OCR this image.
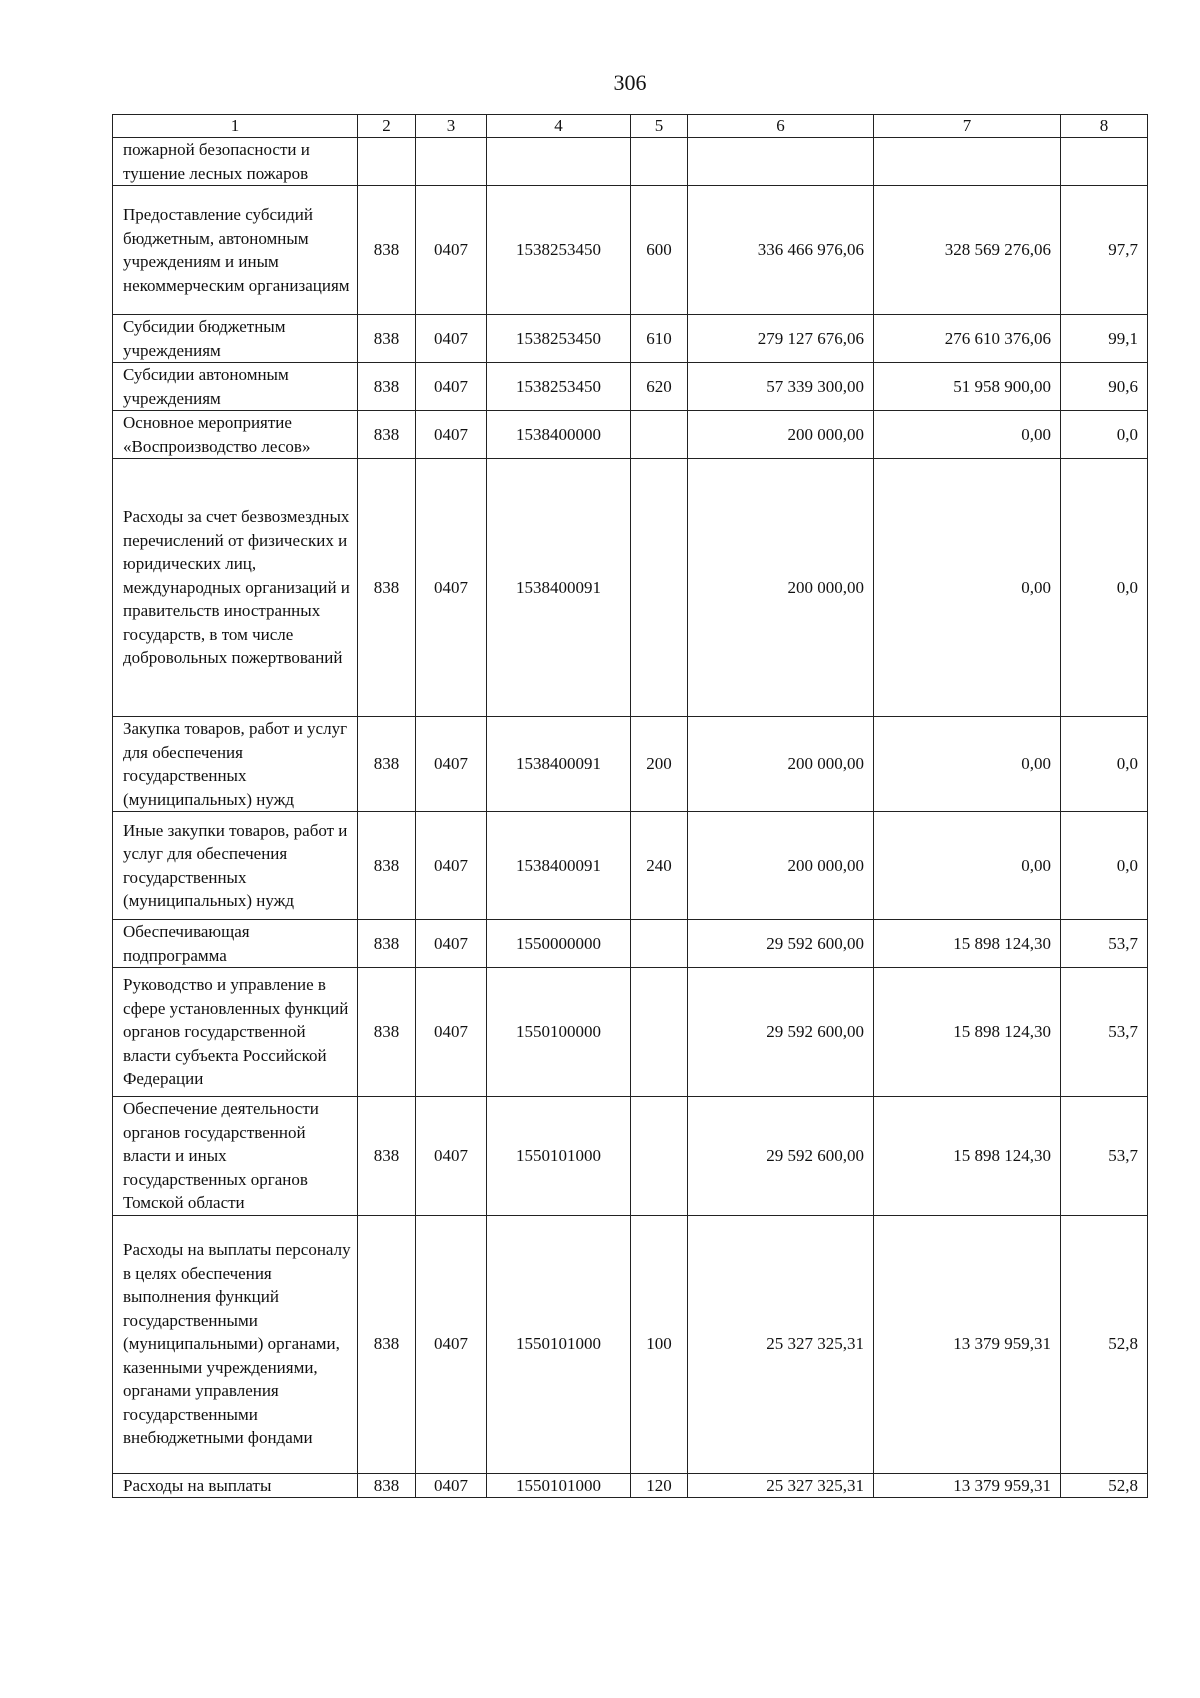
306
1	2	3	4	5	6	7	8
пожарной безопасности и тушение лесных пожаров							
Предоставление субсидий бюджетным, автономным учреждениям и иным некоммерческим организациям	838	0407	1538253450	600	336 466 976,06	328 569 276,06	97,7
Субсидии бюджетным учреждениям	838	0407	1538253450	610	279 127 676,06	276 610 376,06	99,1
Субсидии автономным учреждениям	838	0407	1538253450	620	57 339 300,00	51 958 900,00	90,6
Основное мероприятие «Воспроизводство лесов»	838	0407	1538400000		200 000,00	0,00	0,0
Расходы за счет безвозмездных перечислений от физических и юридических лиц, международных организаций и правительств иностранных государств, в том числе добровольных пожертвований	838	0407	1538400091		200 000,00	0,00	0,0
Закупка товаров, работ и услуг для обеспечения государственных (муниципальных) нужд	838	0407	1538400091	200	200 000,00	0,00	0,0
Иные закупки товаров, работ и услуг для обеспечения государственных (муниципальных) нужд	838	0407	1538400091	240	200 000,00	0,00	0,0
Обеспечивающая подпрограмма	838	0407	1550000000		29 592 600,00	15 898 124,30	53,7
Руководство и управление в сфере установленных функций органов государственной власти субъекта Российской Федерации	838	0407	1550100000		29 592 600,00	15 898 124,30	53,7
Обеспечение деятельности органов государственной власти и иных государственных органов Томской области	838	0407	1550101000		29 592 600,00	15 898 124,30	53,7
Расходы на выплаты персоналу в целях обеспечения выполнения функций государственными (муниципальными) органами, казенными учреждениями, органами управления государственными внебюджетными фондами	838	0407	1550101000	100	25 327 325,31	13 379 959,31	52,8
Расходы на выплаты	838	0407	1550101000	120	25 327 325,31	13 379 959,31	52,8
